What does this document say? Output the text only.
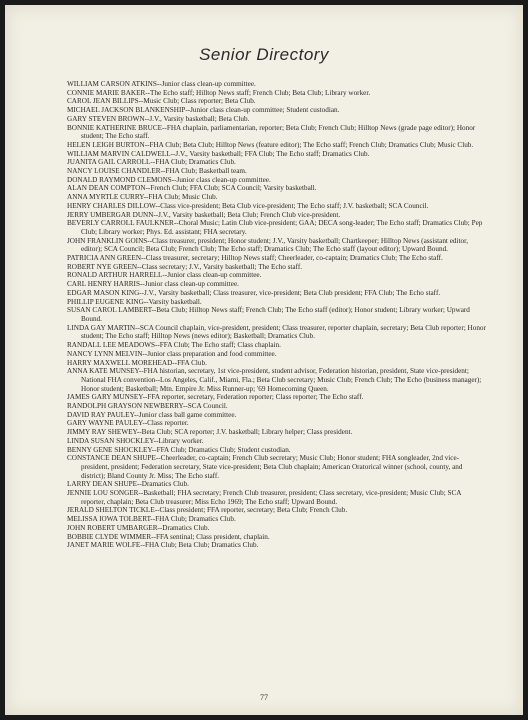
Senior Directory

WILLIAM CARSON ATKINS--Junior class clean-up committee.

CONNIE MARIE BAKER--The Echo staff; Hilltop News staff; French Club; Beta Club; Library worker.

CAROL JEAN BILLIPS--Music Club; Class reporter; Beta Club.

MICHAEL JACKSON BLANKENSHIP--Junior class clean-up committee; Student custodian.

GARY STEVEN BROWN--J.V., Varsity basketball; Beta Club.

BONNIE KATHERINE BRUCE--FHA chaplain, parliamentarian, reporter; Beta Club; French Club; Hilltop News (grade page editor); Honor student; The Echo staff.

HELEN LEIGH BURTON--FHA Club; Beta Club; Hilltop News (feature editor); The Echo staff; French Club; Dramatics Club; Music Club.

WILLIAM MARVIN CALDWELL--J.V., Varsity basketball; FFA Club; The Echo staff; Dramatics Club.

JUANITA GAIL CARROLL--FHA Club; Dramatics Club.

NANCY LOUISE CHANDLER--FHA Club; Basketball team.

DONALD RAYMOND CLEMONS--Junior class clean-up committee.

ALAN DEAN COMPTON--French Club; FFA Club; SCA Council; Varsity basketball.

ANNA MYRTLE CURRY--FHA Club; Music Club.

HENRY CHARLES DILLOW--Class vice-president; Beta Club vice-president; The Echo staff; J.V. basketball; SCA Council.

JERRY UMBERGAR DUNN--J.V., Varsity basketball; Beta Club; French Club vice-president.

BEVERLY CARROLL FAULKNER--Choral Music; Latin Club vice-president; GAA; DECA song-leader; The Echo staff; Dramatics Club; Pep Club; Library worker; Phys. Ed. assistant; FHA secretary.

JOHN FRANKLIN GOINS--Class treasurer, president; Honor student; J.V., Varsity basketball; Chartkeeper; Hilltop News (assistant editor, editor); SCA Council; Beta Club; French Club; The Echo staff; Dramatics Club; The Echo staff (layout editor); Upward Bound.

PATRICIA ANN GREEN--Class treasurer, secretary; Hilltop News staff; Cheerleader, co-captain; Dramatics Club; The Echo staff.

ROBERT NYE GREEN--Class secretary; J.V., Varsity basketball; The Echo staff.

RONALD ARTHUR HARRELL--Junior class clean-up committee.

CARL HENRY HARRIS--Junior class clean-up committee.

EDGAR MASON KING--J.V., Varsity basketball; Class treasurer, vice-president; Beta Club president; FFA Club; The Echo staff.

PHILLIP EUGENE KING--Varsity basketball.

SUSAN CAROL LAMBERT--Beta Club; Hilltop News staff; French Club; The Echo staff (editor); Honor student; Library worker; Upward Bound.

LINDA GAY MARTIN--SCA Council chaplain, vice-president, president; Class treasurer, reporter chaplain, secretary; Beta Club reporter; Honor student; The Echo staff; Hilltop News (news editor); Basketball; Dramatics Club.

RANDALL LEE MEADOWS--FFA Club; The Echo staff; Class chaplain.

NANCY LYNN MELVIN--Junior class preparation and food committee.

HARRY MAXWELL MOREHEAD--FFA Club.

ANNA KATE MUNSEY--FHA historian, secretary, 1st vice-president, student advisor, Federation historian, president, State vice-president; National FHA convention--Los Angeles, Calif., Miami, Fla.; Beta Club secretary; Music Club; French Club; The Echo (business manager); Honor student; Basketball; Mtn. Empire Jr. Miss Runner-up; '69 Homecoming Queen.

JAMES GARY MUNSEY--FFA reporter, secretary, Federation reporter; Class reporter; The Echo staff.

RANDOLPH GRAYSON NEWBERRY--SCA Council.

DAVID RAY PAULEY--Junior class ball game committee.

GARY WAYNE PAULEY--Class reporter.

JIMMY RAY SHEWEY--Beta Club; SCA reporter; J.V. basketball; Library helper; Class president.

LINDA SUSAN SHOCKLEY--Library worker.

BENNY GENE SHOCKLEY--FFA Club; Dramatics Club; Student custodian.

CONSTANCE DEAN SHUPE--Cheerleader, co-captain; French Club secretary; Music Club; Honor student; FHA songleader, 2nd vice-president, president; Federation secretary, State vice-president; Beta Club chaplain; American Oratorical winner (school, county, and district); Bland County Jr. Miss; The Echo staff.

LARRY DEAN SHUPE--Dramatics Club.

JENNIE LOU SONGER--Basketball; FHA secretary; French Club treasurer, president; Class secretary, vice-president; Music Club; SCA reporter, chaplain; Beta Club treasurer; Miss Echo 1969; The Echo staff; Upward Bound.

JERALD SHELTON TICKLE--Class president; FFA reporter, secretary; Beta Club; French Club.

MELISSA IOWA TOLBERT--FHA Club; Dramatics Club.

JOHN ROBERT UMBARGER--Dramatics Club.

BOBBIE CLYDE WIMMER--FFA sentinal; Class president, chaplain.

JANET MARIE WOLFE--FHA Club; Beta Club; Dramatics Club.

77
